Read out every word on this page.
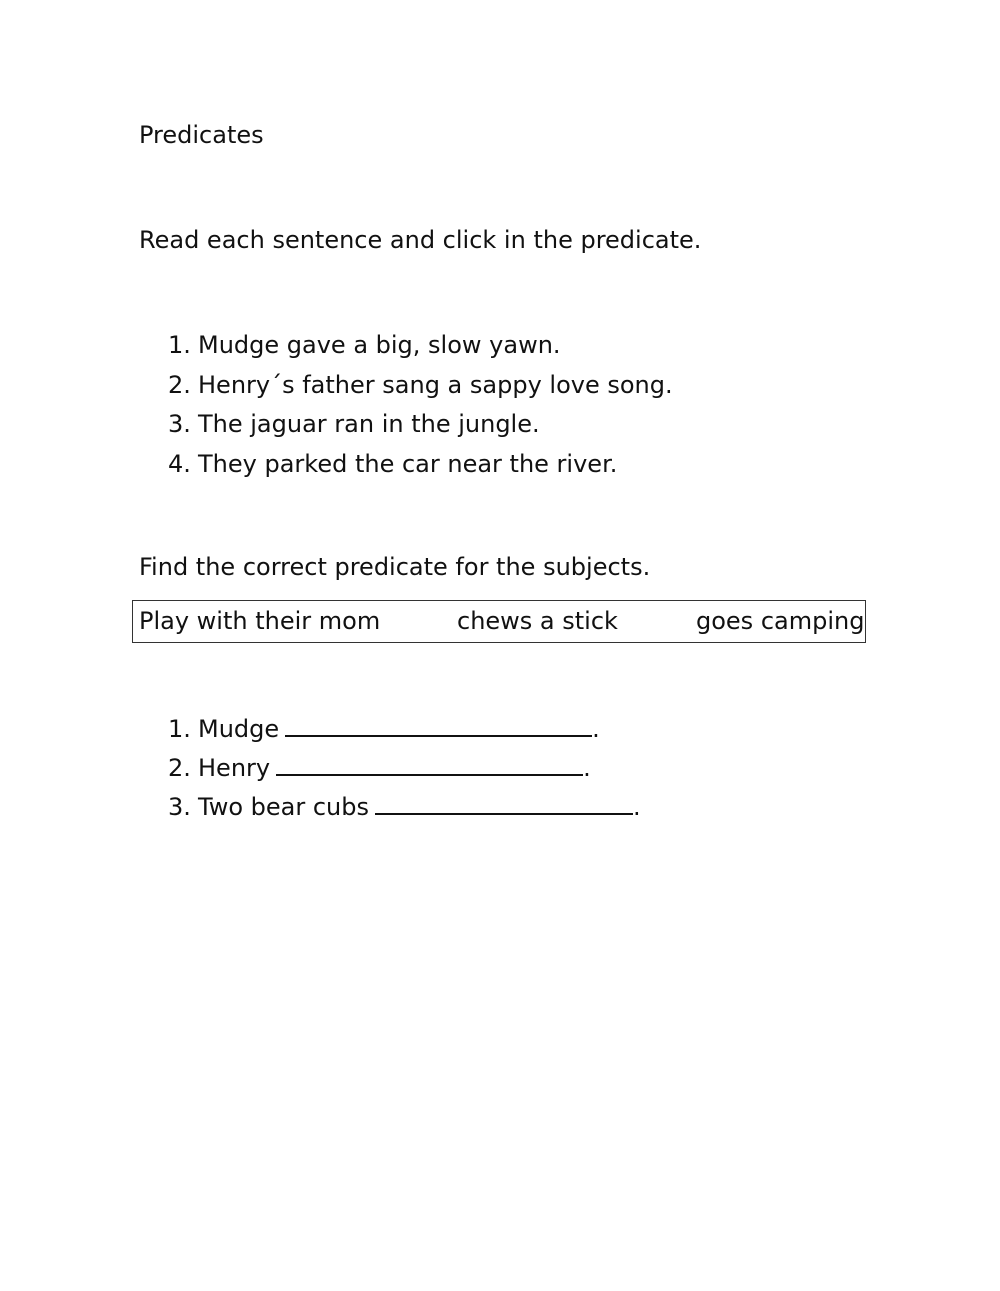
Predicates
Read each sentence and click in the predicate.
1. Mudge gave a big, slow yawn.
2. Henry´s father sang a sappy love song.
3. The jaguar ran in the jungle.
4. They parked the car near the river.
Find the correct predicate for the subjects.
Play with their mom	chews a stick	goes camping
1. Mudge	.
2. Henry	.
3. Two bear cubs	.
